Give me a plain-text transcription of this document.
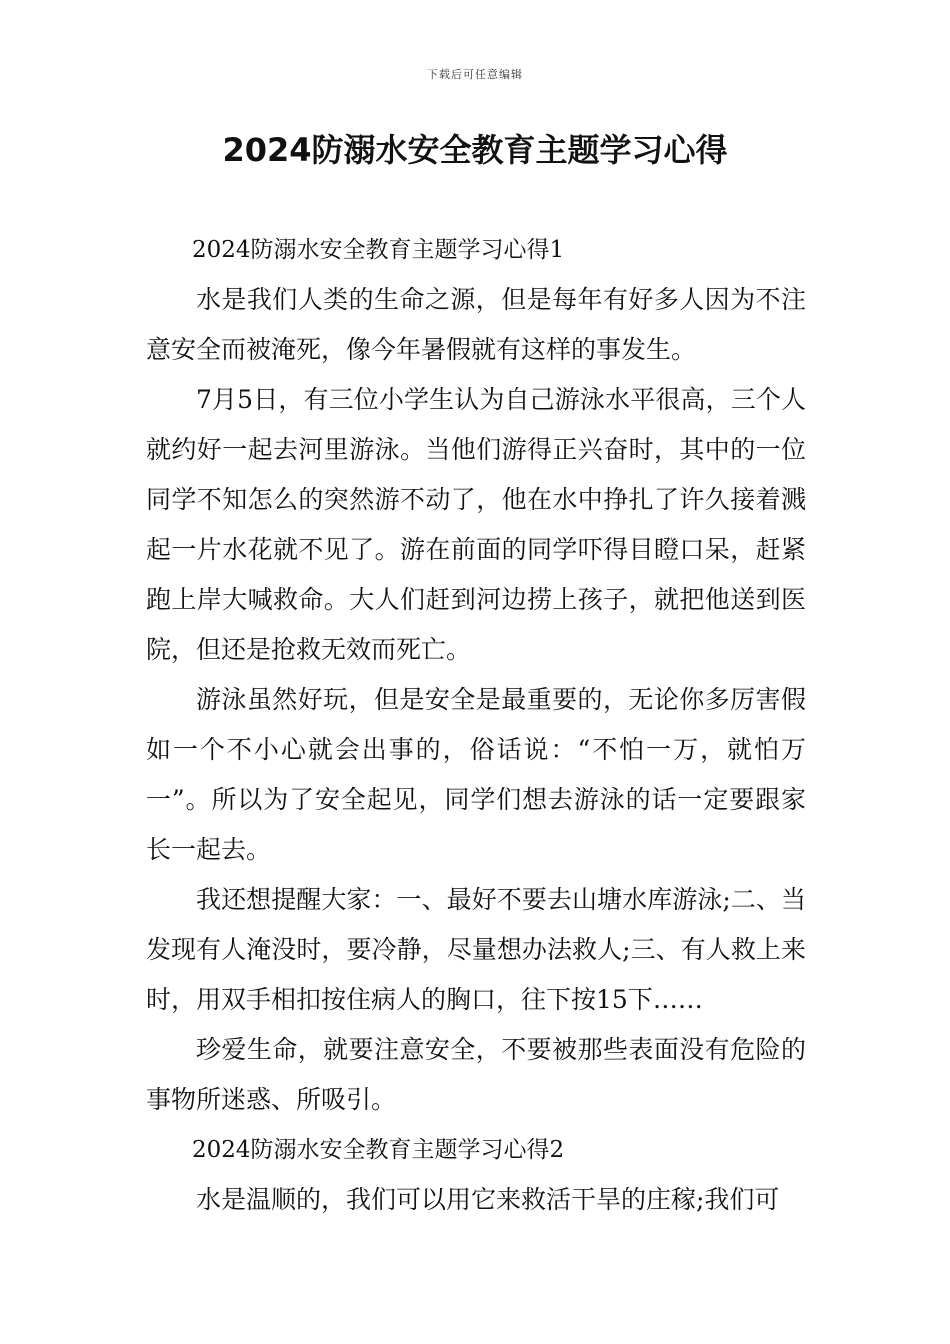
下载后可任意编辑
2024防溺水安全教育主题学习心得

2024防溺水安全教育主题学习心得1

水是我们人类的生命之源，但是每年有好多人因为不注意安全而被淹死，像今年暑假就有这样的事发生。

7月5日，有三位小学生认为自己游泳水平很高，三个人就约好一起去河里游泳。当他们游得正兴奋时，其中的一位同学不知怎么的突然游不动了，他在水中挣扎了许久接着溅起一片水花就不见了。游在前面的同学吓得目瞪口呆，赶紧跑上岸大喊救命。大人们赶到河边捞上孩子，就把他送到医院，但还是抢救无效而死亡。

游泳虽然好玩，但是安全是最重要的，无论你多厉害假如一个不小心就会出事的，俗话说：“不怕一万，就怕万一”。所以为了安全起见，同学们想去游泳的话一定要跟家长一起去。

我还想提醒大家：一、最好不要去山塘水库游泳;二、当发现有人淹没时，要冷静，尽量想办法救人;三、有人救上来时，用双手相扣按住病人的胸口，往下按15下……

珍爱生命，就要注意安全，不要被那些表面没有危险的事物所迷惑、所吸引。

2024防溺水安全教育主题学习心得2

水是温顺的，我们可以用它来救活干旱的庄稼;我们可
